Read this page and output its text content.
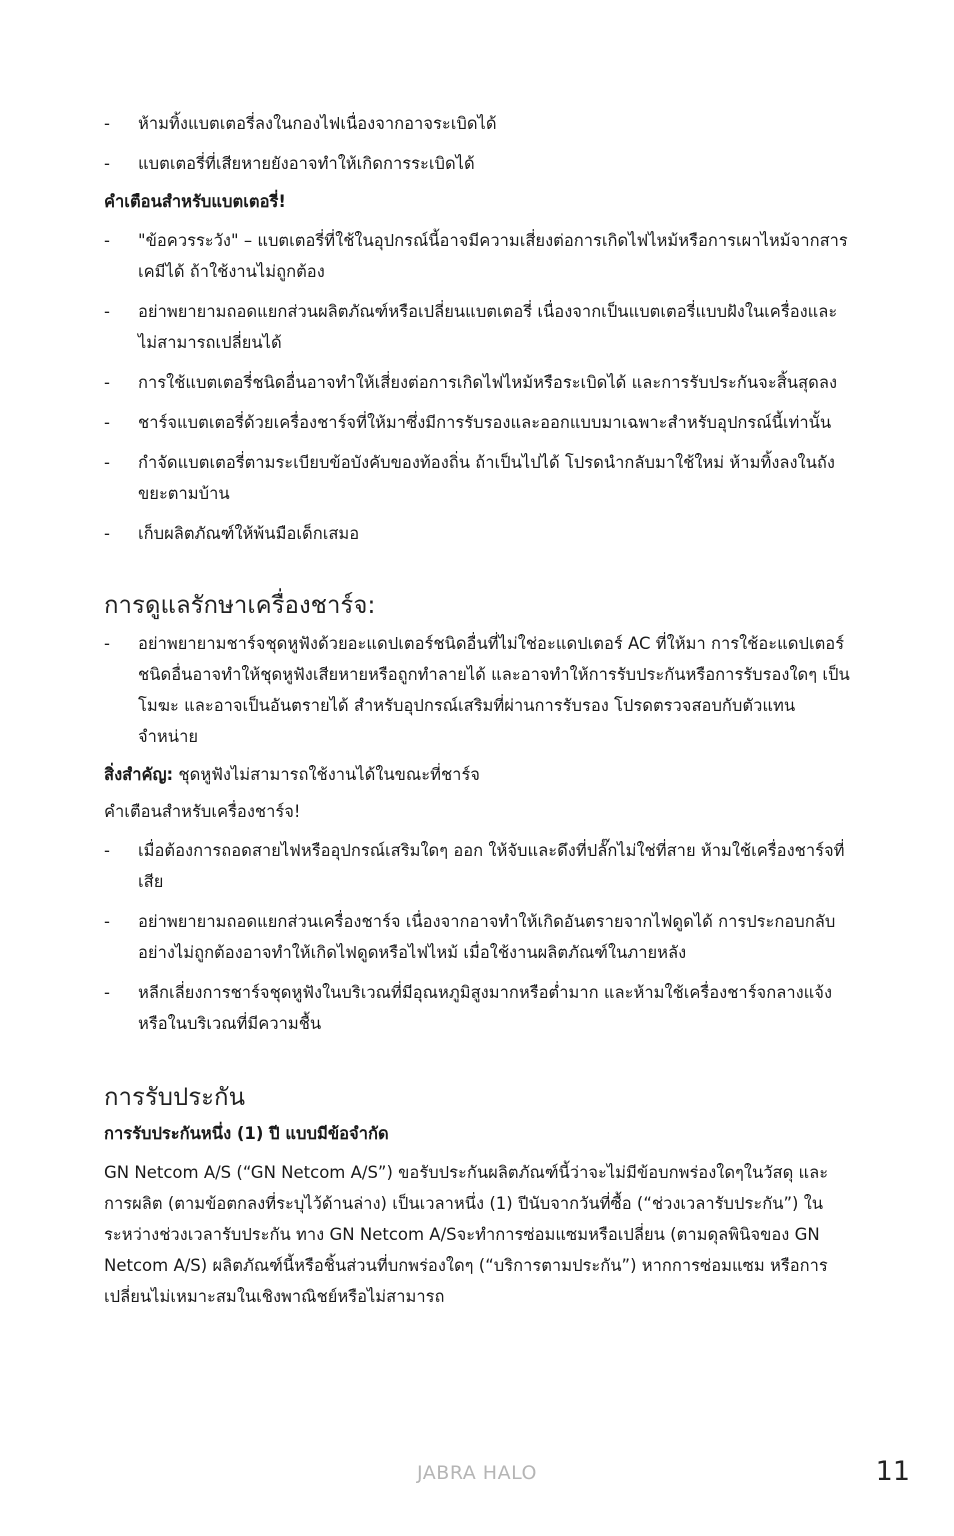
- ห้ามทิ้งแบตเตอรี่ลงในกองไฟเนื่องจากอาจระเบิดได้
- แบตเตอรี่ที่เสียหายยังอาจทำให้เกิดการระเบิดได้
คำเตือนสำหรับแบตเตอรี่!
- "ข้อควรระวัง" – แบตเตอรี่ที่ใช้ในอุปกรณ์นี้อาจมีความเสี่ยงต่อการเกิดไฟไหม้หรือการเผาไหม้จากสารเคมีได้ ถ้าใช้งานไม่ถูกต้อง
- อย่าพยายามถอดแยกส่วนผลิตภัณฑ์หรือเปลี่ยนแบตเตอรี่ เนื่องจากเป็นแบตเตอรี่แบบฝังในเครื่องและไม่สามารถเปลี่ยนได้
- การใช้แบตเตอรี่ชนิดอื่นอาจทำให้เสี่ยงต่อการเกิดไฟไหม้หรือระเบิดได้ และการรับประกันจะสิ้นสุดลง
- ชาร์จแบตเตอรี่ด้วยเครื่องชาร์จที่ให้มาซึ่งมีการรับรองและออกแบบมาเฉพาะสำหรับอุปกรณ์นี้เท่านั้น
- กำจัดแบตเตอรี่ตามระเบียบข้อบังคับของท้องถิ่น ถ้าเป็นไปได้ โปรดนำกลับมาใช้ใหม่ ห้ามทิ้งลงในถังขยะตามบ้าน
- เก็บผลิตภัณฑ์ให้พ้นมือเด็กเสมอ
การดูแลรักษาเครื่องชาร์จ:
- อย่าพยายามชาร์จชุดหูฟังด้วยอะแดปเตอร์ชนิดอื่นที่ไม่ใช่อะแดปเตอร์ AC ที่ให้มา การใช้อะแดปเตอร์ชนิดอื่นอาจทำให้ชุดหูฟังเสียหายหรือถูกทำลายได้ และอาจทำให้การรับประกันหรือการรับรองใดๆ เป็นโมฆะ และอาจเป็นอันตรายได้ สำหรับอุปกรณ์เสริมที่ผ่านการรับรอง โปรดตรวจสอบกับตัวแทนจำหน่าย
สิ่งสำคัญ: ชุดหูฟังไม่สามารถใช้งานได้ในขณะที่ชาร์จ
คำเตือนสำหรับเครื่องชาร์จ!
- เมื่อต้องการถอดสายไฟหรืออุปกรณ์เสริมใดๆ ออก ให้จับและดึงที่ปลั๊กไม่ใช่ที่สาย ห้ามใช้เครื่องชาร์จที่เสีย
- อย่าพยายามถอดแยกส่วนเครื่องชาร์จ เนื่องจากอาจทำให้เกิดอันตรายจากไฟดูดได้ การประกอบกลับอย่างไม่ถูกต้องอาจทำให้เกิดไฟดูดหรือไฟไหม้ เมื่อใช้งานผลิตภัณฑ์ในภายหลัง
- หลีกเลี่ยงการชาร์จชุดหูฟังในบริเวณที่มีอุณหภูมิสูงมากหรือต่ำมาก และห้ามใช้เครื่องชาร์จกลางแจ้งหรือในบริเวณที่มีความชื้น
การรับประกัน
การรับประกันหนึ่ง (1) ปี แบบมีข้อจำกัด

GN Netcom A/S (“GN Netcom A/S”) ขอรับประกันผลิตภัณฑ์นี้ว่าจะไม่มีข้อบกพร่องใดๆในวัสดุ และการผลิต (ตามข้อตกลงที่ระบุไว้ด้านล่าง) เป็นเวลาหนึ่ง (1) ปีนับจากวันที่ซื้อ (“ช่วงเวลารับประกัน”) ในระหว่างช่วงเวลารับประกัน ทาง GN Netcom A/Sจะทำการซ่อมแซมหรือเปลี่ยน (ตามดุลพินิจของ GN Netcom A/S) ผลิตภัณฑ์นี้หรือชิ้นส่วนที่บกพร่องใดๆ (“บริการตามประกัน”) หากการซ่อมแซม หรือการเปลี่ยนไม่เหมาะสมในเชิงพาณิชย์หรือไม่สามารถ

JABRA HALO	11
